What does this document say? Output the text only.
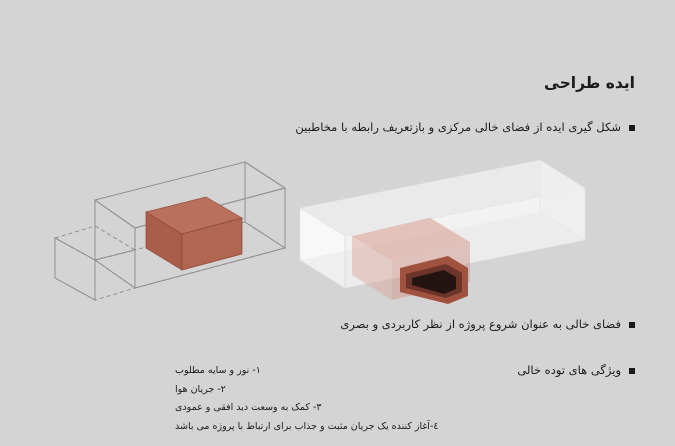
ایده طراحی
شکل گیری ایده از فضای خالی مرکزی و بازتعریف رابطه با مخاطبین
فضای خالی به عنوان شروع پروژه از نظر کاربردی و بصری
ویژگی های توده خالی
۱- نور و سایه مطلوب
۲- جریان هوا
۳- کمک به وسعت دید افقی و عمودی
٤-آغاز کننده یک جریان مثبت و جذاب برای ارتباط با پروژه می باشد
